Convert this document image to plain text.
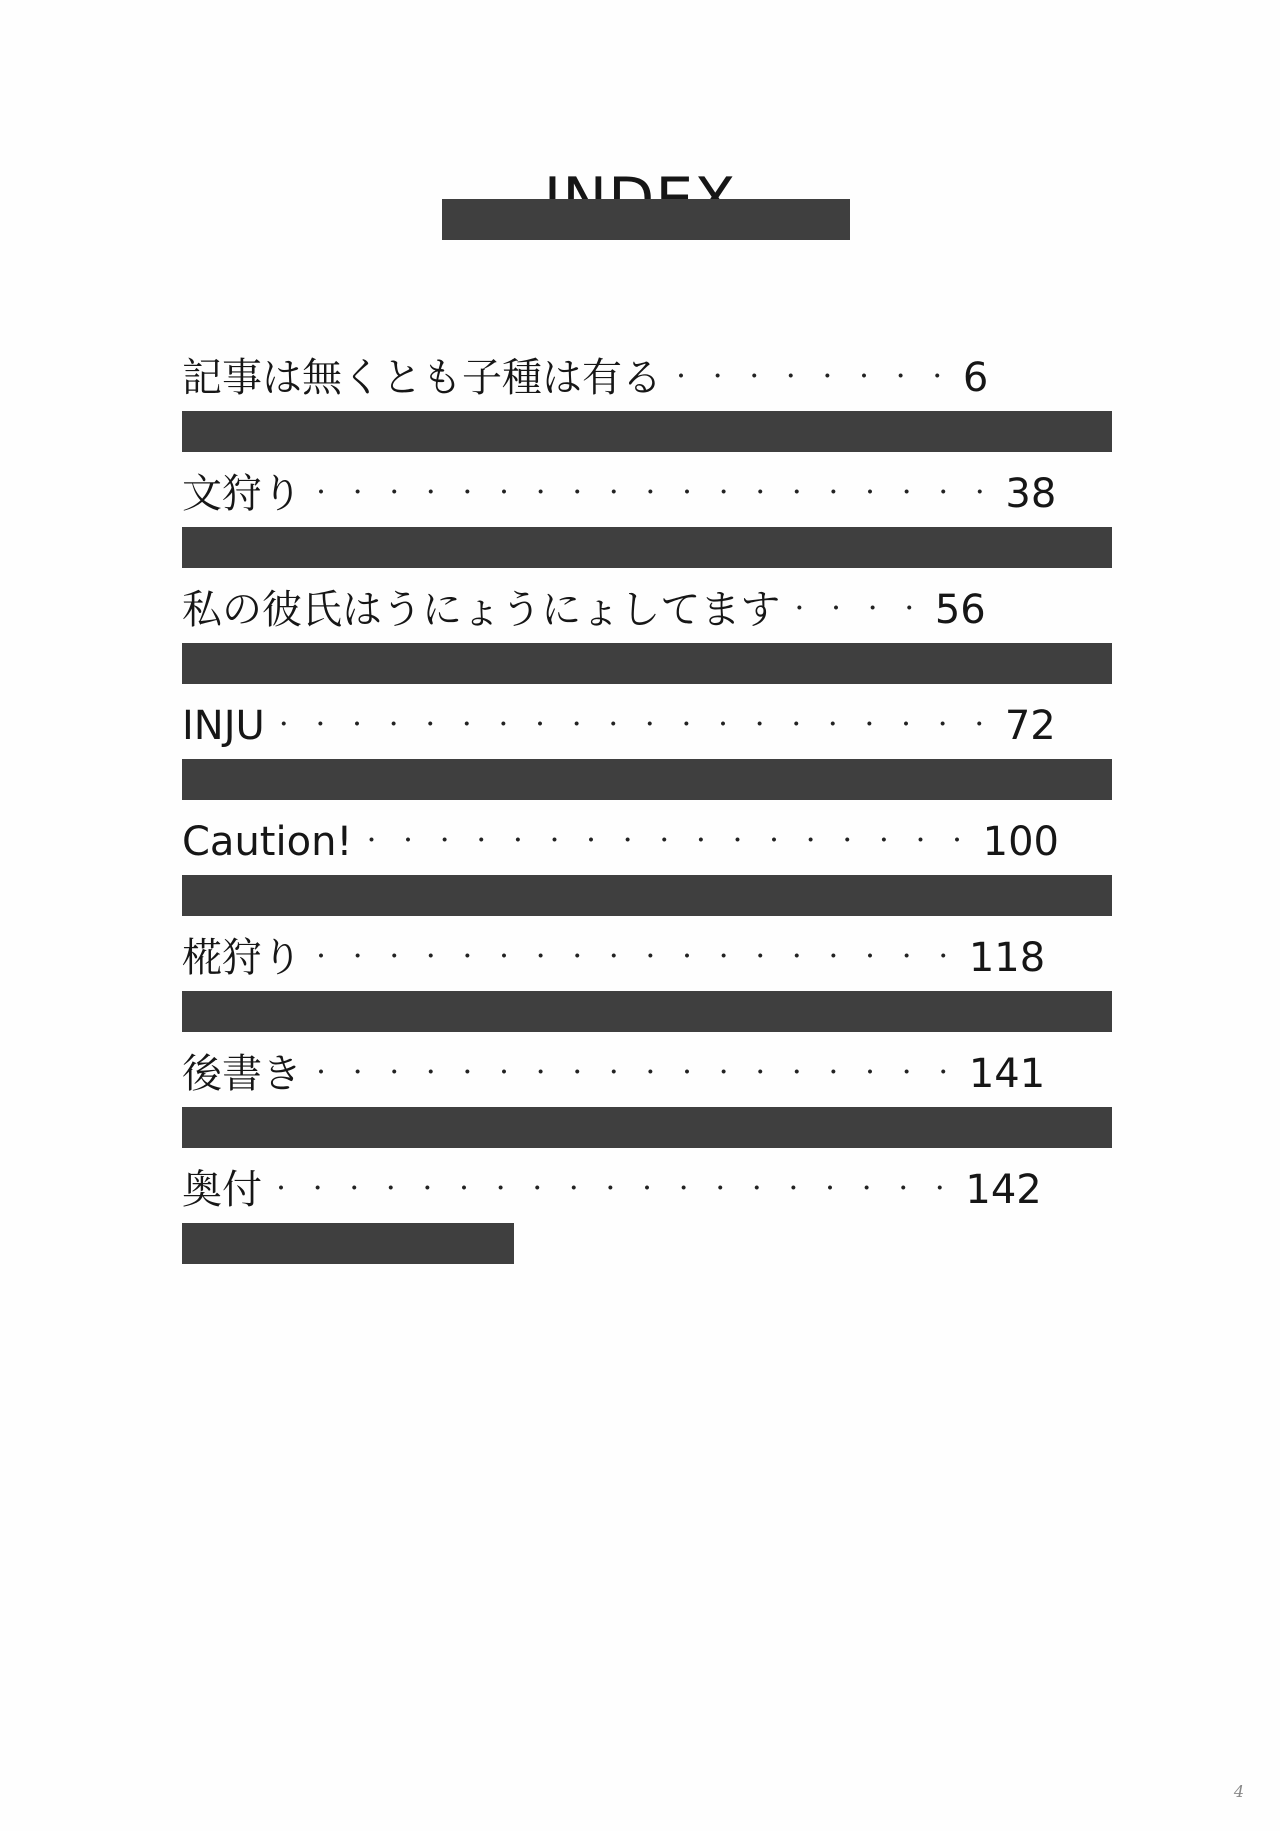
記事は無くとも子種は有る ・・・・・・・・ 6
文狩り ・・・・・・・・・・・・・・・・・・・ 38
私の彼氏はうにょうにょしてます ・・・・ 56
INJU ・・・・・・・・・・・・・・・・・・・・ 72
Caution! ・・・・・・・・・・・・・・・・・ 100
椛狩り ・・・・・・・・・・・・・・・・・・ 118
後書き ・・・・・・・・・・・・・・・・・・ 141
奥付 ・・・・・・・・・・・・・・・・・・・ 142
4
